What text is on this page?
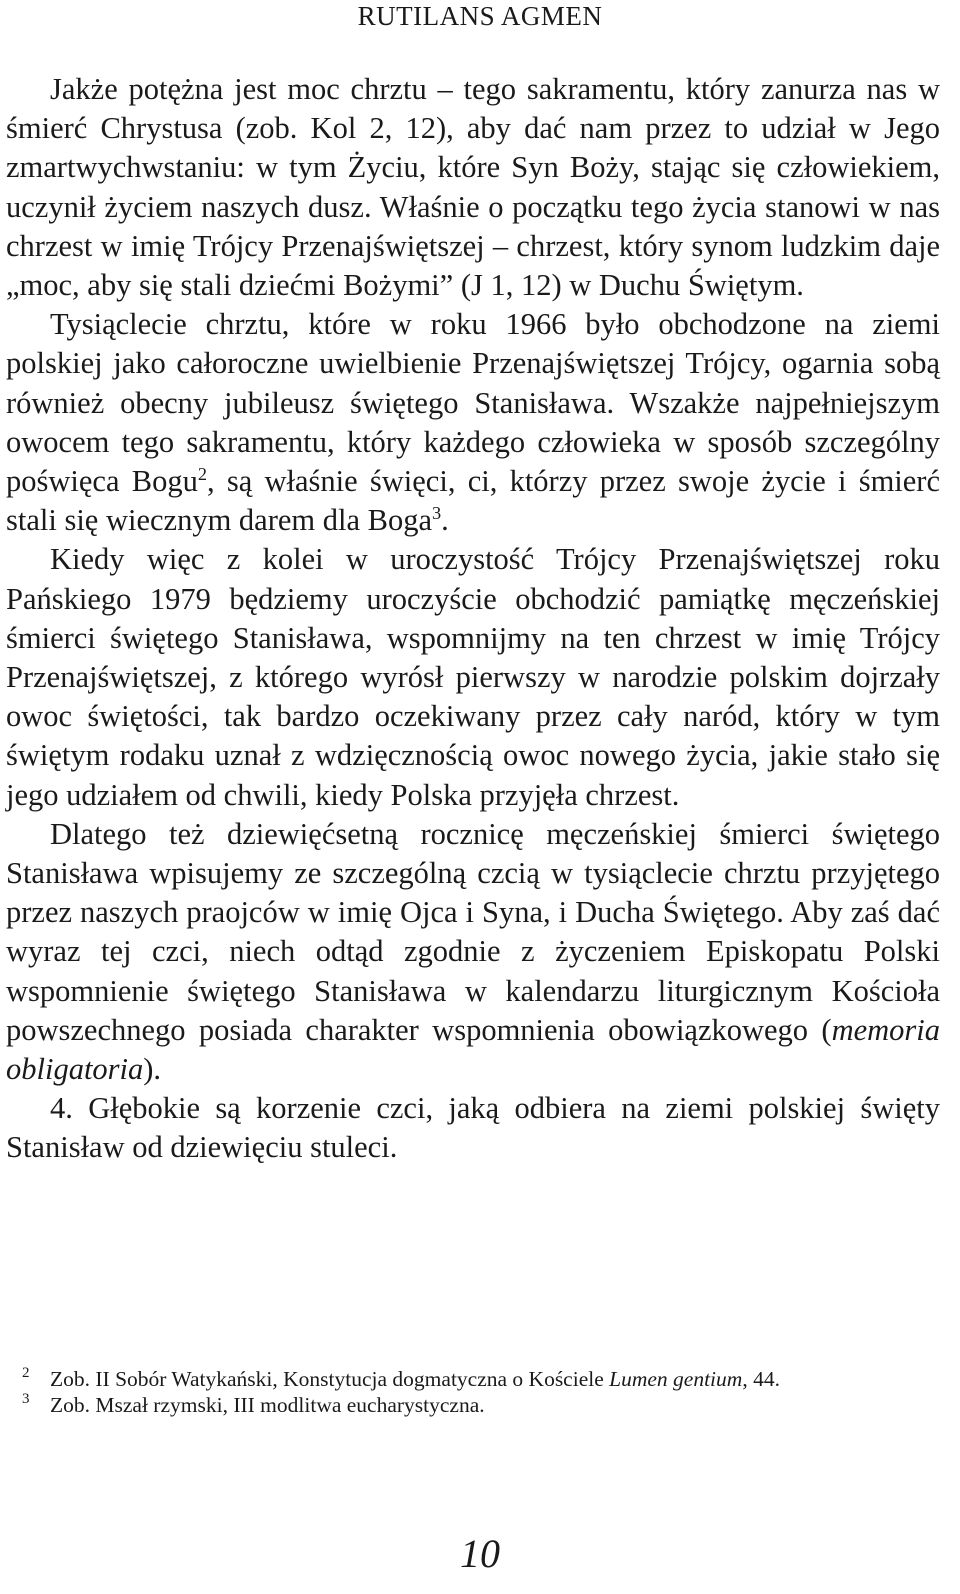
RUTILANS AGMEN

Jakże potężna jest moc chrztu – tego sakramentu, który zanurza nas w śmierć Chrystusa (zob. Kol 2, 12), aby dać nam przez to udział w Jego zmartwychwstaniu: w tym Życiu, które Syn Boży, stając się człowiekiem, uczynił życiem naszych dusz. Właśnie o początku tego życia stanowi w nas chrzest w imię Trójcy Przenajświętszej – chrzest, który synom ludzkim daje „moc, aby się stali dziećmi Bożymi” (J 1, 12) w Duchu Świętym.

Tysiąclecie chrztu, które w roku 1966 było obchodzone na ziemi polskiej jako całoroczne uwielbienie Przenajświętszej Trójcy, ogarnia sobą również obecny jubileusz świętego Stanisława. Wszakże najpełniejszym owocem tego sakramentu, który każdego człowieka w sposób szczególny poświęca Bogu$^2$, są właśnie święci, ci, którzy przez swoje życie i śmierć stali się wiecznym darem dla Boga$^3$.

Kiedy więc z kolei w uroczystość Trójcy Przenajświętszej roku Pańskiego 1979 będziemy uroczyście obchodzić pamiątkę męczeńskiej śmierci świętego Stanisława, wspomnijmy na ten chrzest w imię Trójcy Przenajświętszej, z którego wyrósł pierwszy w narodzie polskim dojrzały owoc świętości, tak bardzo oczekiwany przez cały naród, który w tym świętym rodaku uznał z wdzięcznością owoc nowego życia, jakie stało się jego udziałem od chwili, kiedy Polska przyjęła chrzest.

Dlatego też dziewięćsetną rocznicę męczeńskiej śmierci świętego Stanisława wpisujemy ze szczególną czcią w tysiąclecie chrztu przyjętego przez naszych praojców w imię Ojca i Syna, i Ducha Świętego. Aby zaś dać wyraz tej czci, niech odtąd zgodnie z życzeniem Episkopatu Polski wspomnienie świętego Stanisława w kalendarzu liturgicznym Kościoła powszechnego posiada charakter wspomnienia obowiązkowego (memoria obligatoria).

4. Głębokie są korzenie czci, jaką odbiera na ziemi polskiej święty Stanisław od dziewięciu stuleci.

2 Zob. II Sobór Watykański, Konstytucja dogmatyczna o Kościele Lumen gentium, 44.

3 Zob. Mszał rzymski, III modlitwa eucharystyczna.

10
